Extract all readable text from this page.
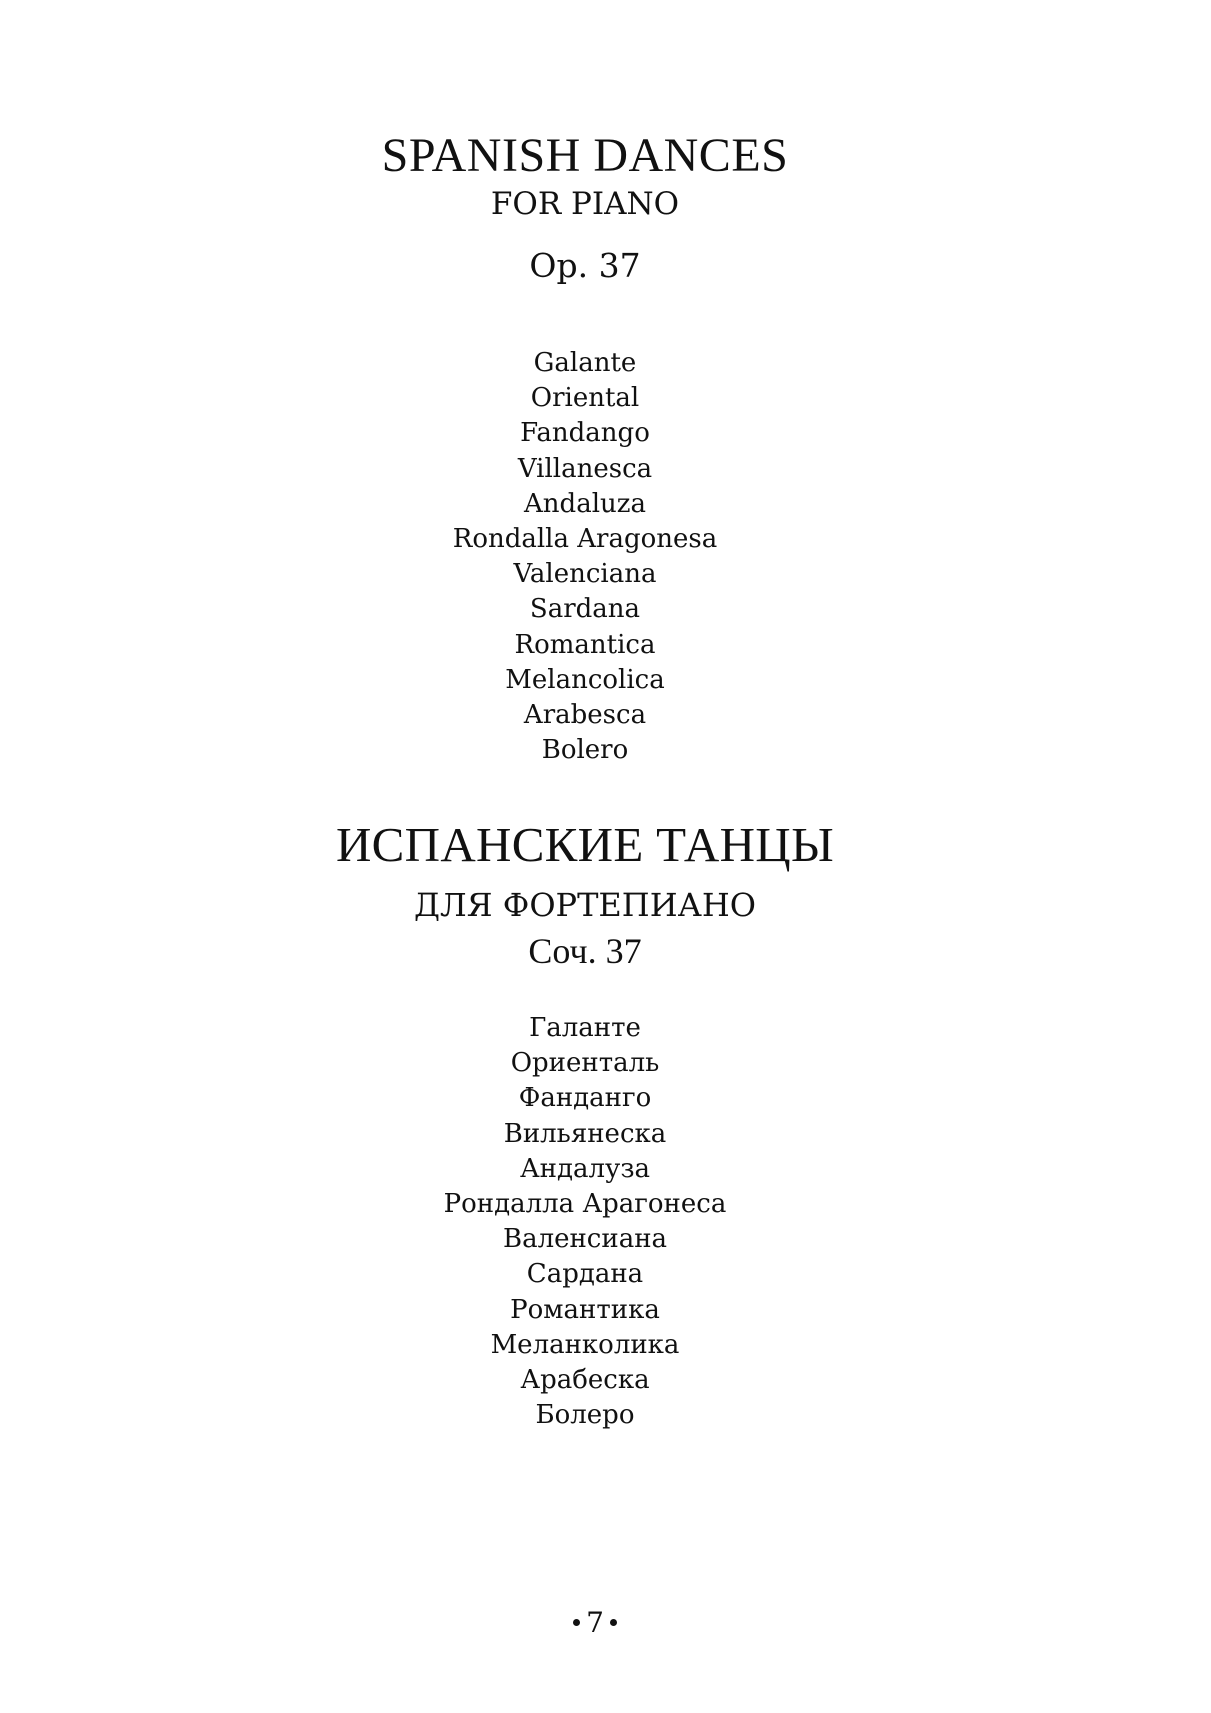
SPANISH DANCES
FOR PIANO
Op. 37
Galante
Oriental
Fandango
Villanesca
Andaluza
Rondalla Aragonesa
Valenciana
Sardana
Romantica
Melancolica
Arabesca
Bolero
ИСПАНСКИЕ ТАНЦЫ
ДЛЯ ФОРТЕПИАНО
Соч. 37
Галанте
Ориенталь
Фанданго
Вильянеска
Андалуза
Рондалла Арагонеса
Валенсиана
Сардана
Романтика
Меланколика
Арабеска
Болеро
7
